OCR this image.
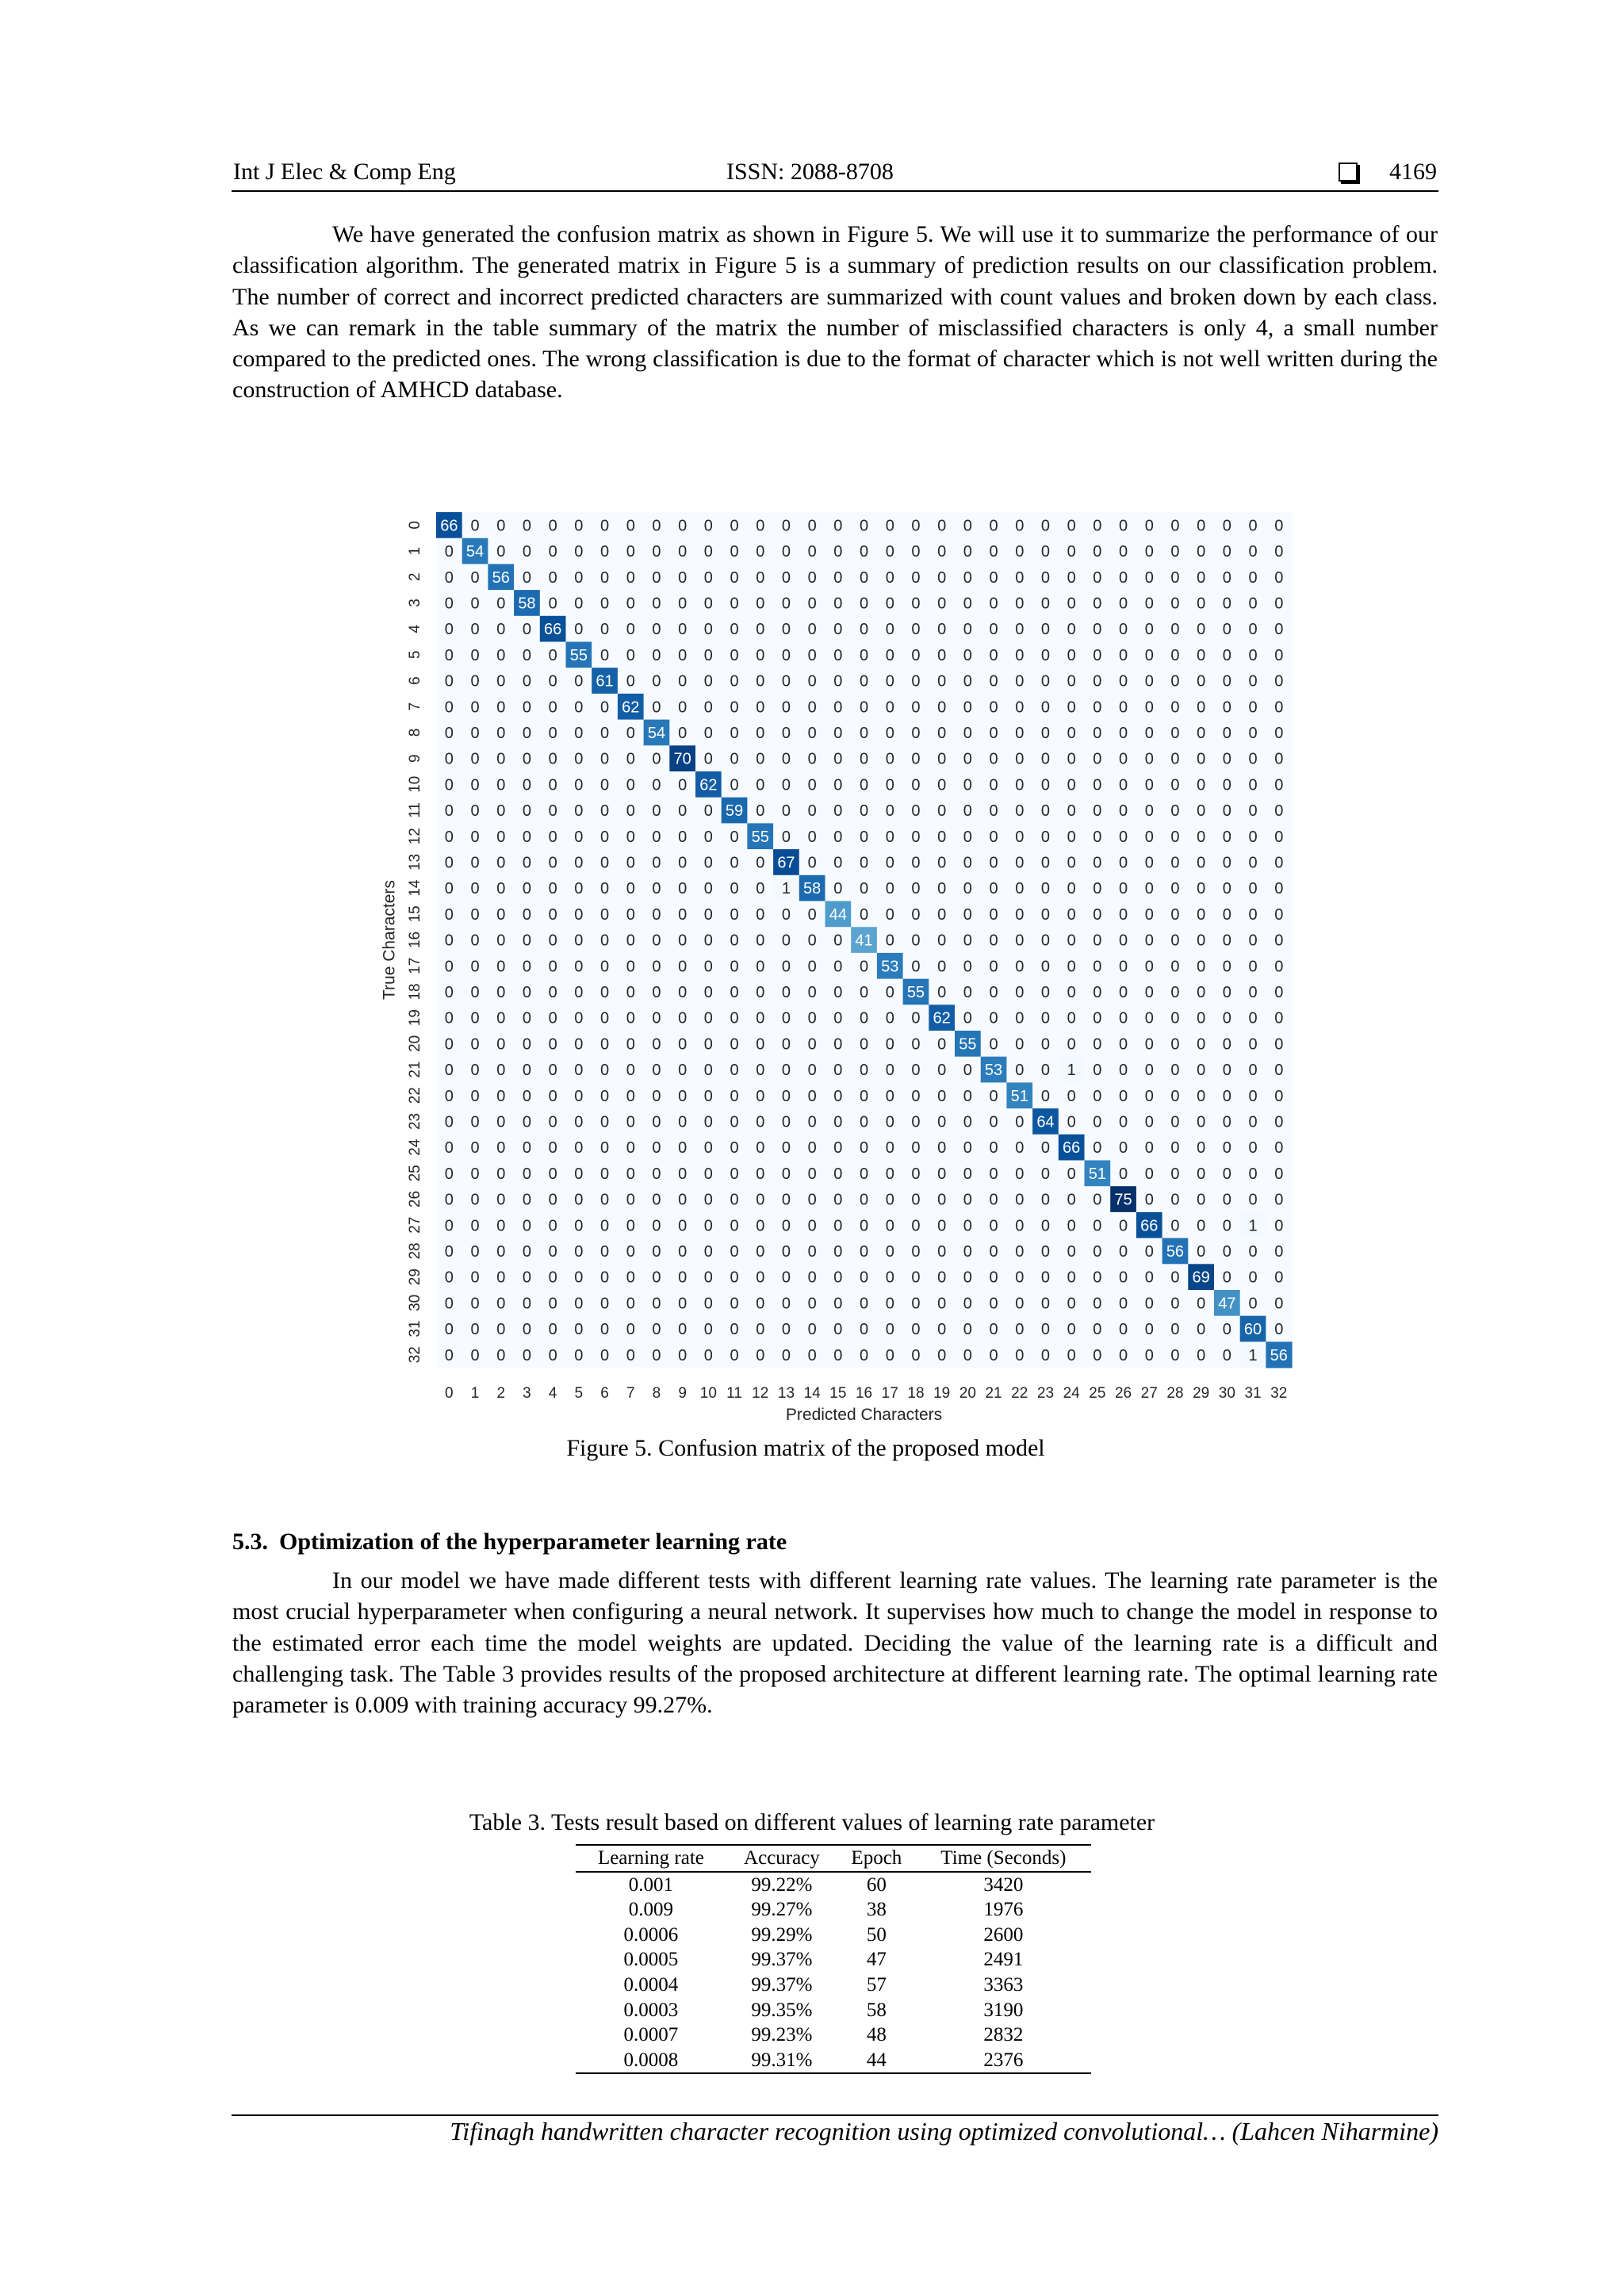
Int J Elec & Comp Eng	ISSN: 2088-8708	4169

We have generated the confusion matrix as shown in Figure 5. We will use it to summarize the performance of our classification algorithm. The generated matrix in Figure 5 is a summary of prediction results on our classification problem. The number of correct and incorrect predicted characters are summarized with count values and broken down by each class. As we can remark in the table summary of the matrix the number of misclassified characters is only 4, a small number compared to the predicted ones. The wrong classification is due to the format of character which is not well written during the construction of AMHCD database.

66 0 0 0 0 0 0 0 0 0 0 0 0 0 0 0 0 0 0 0 0 0 0 0 0 0 0 0 0 0 0 0 0
0 54 0 0 0 0 0 0 0 0 0 0 0 0 0 0 0 0 0 0 0 0 0 0 0 0 0 0 0 0 0 0 0
0 0 56 0 0 0 0 0 0 0 0 0 0 0 0 0 0 0 0 0 0 0 0 0 0 0 0 0 0 0 0 0 0
0 0 0 58 0 0 0 0 0 0 0 0 0 0 0 0 0 0 0 0 0 0 0 0 0 0 0 0 0 0 0 0 0
0 0 0 0 66 0 0 0 0 0 0 0 0 0 0 0 0 0 0 0 0 0 0 0 0 0 0 0 0 0 0 0 0
0 0 0 0 0 55 0 0 0 0 0 0 0 0 0 0 0 0 0 0 0 0 0 0 0 0 0 0 0 0 0 0 0
0 0 0 0 0 0 61 0 0 0 0 0 0 0 0 0 0 0 0 0 0 0 0 0 0 0 0 0 0 0 0 0 0
0 0 0 0 0 0 0 62 0 0 0 0 0 0 0 0 0 0 0 0 0 0 0 0 0 0 0 0 0 0 0 0 0
0 0 0 0 0 0 0 0 54 0 0 0 0 0 0 0 0 0 0 0 0 0 0 0 0 0 0 0 0 0 0 0 0
0 0 0 0 0 0 0 0 0 70 0 0 0 0 0 0 0 0 0 0 0 0 0 0 0 0 0 0 0 0 0 0 0
0 0 0 0 0 0 0 0 0 0 62 0 0 0 0 0 0 0 0 0 0 0 0 0 0 0 0 0 0 0 0 0 0
0 0 0 0 0 0 0 0 0 0 0 59 0 0 0 0 0 0 0 0 0 0 0 0 0 0 0 0 0 0 0 0 0
0 0 0 0 0 0 0 0 0 0 0 0 55 0 0 0 0 0 0 0 0 0 0 0 0 0 0 0 0 0 0 0 0
0 0 0 0 0 0 0 0 0 0 0 0 0 67 0 0 0 0 0 0 0 0 0 0 0 0 0 0 0 0 0 0 0
0 0 0 0 0 0 0 0 0 0 0 0 0 1 58 0 0 0 0 0 0 0 0 0 0 0 0 0 0 0 0 0 0
0 0 0 0 0 0 0 0 0 0 0 0 0 0 0 44 0 0 0 0 0 0 0 0 0 0 0 0 0 0 0 0 0
0 0 0 0 0 0 0 0 0 0 0 0 0 0 0 0 41 0 0 0 0 0 0 0 0 0 0 0 0 0 0 0 0
0 0 0 0 0 0 0 0 0 0 0 0 0 0 0 0 0 53 0 0 0 0 0 0 0 0 0 0 0 0 0 0 0
0 0 0 0 0 0 0 0 0 0 0 0 0 0 0 0 0 0 55 0 0 0 0 0 0 0 0 0 0 0 0 0 0
0 0 0 0 0 0 0 0 0 0 0 0 0 0 0 0 0 0 0 62 0 0 0 0 0 0 0 0 0 0 0 0 0
0 0 0 0 0 0 0 0 0 0 0 0 0 0 0 0 0 0 0 0 55 0 0 0 0 0 0 0 0 0 0 0 0
0 0 0 0 0 0 0 0 0 0 0 0 0 0 0 0 0 0 0 0 0 53 0 0 1 0 0 0 0 0 0 0 0
0 0 0 0 0 0 0 0 0 0 0 0 0 0 0 0 0 0 0 0 0 0 51 0 0 0 0 0 0 0 0 0 0
0 0 0 0 0 0 0 0 0 0 0 0 0 0 0 0 0 0 0 0 0 0 0 64 0 0 0 0 0 0 0 0 0
0 0 0 0 0 0 0 0 0 0 0 0 0 0 0 0 0 0 0 0 0 0 0 0 66 0 0 0 0 0 0 0 0
0 0 0 0 0 0 0 0 0 0 0 0 0 0 0 0 0 0 0 0 0 0 0 0 0 51 0 0 0 0 0 0 0
0 0 0 0 0 0 0 0 0 0 0 0 0 0 0 0 0 0 0 0 0 0 0 0 0 0 75 0 0 0 0 0 0
0 0 0 0 0 0 0 0 0 0 0 0 0 0 0 0 0 0 0 0 0 0 0 0 0 0 0 66 0 0 0 1 0
0 0 0 0 0 0 0 0 0 0 0 0 0 0 0 0 0 0 0 0 0 0 0 0 0 0 0 0 56 0 0 0 0
0 0 0 0 0 0 0 0 0 0 0 0 0 0 0 0 0 0 0 0 0 0 0 0 0 0 0 0 0 69 0 0 0
0 0 0 0 0 0 0 0 0 0 0 0 0 0 0 0 0 0 0 0 0 0 0 0 0 0 0 0 0 0 47 0 0
0 0 0 0 0 0 0 0 0 0 0 0 0 0 0 0 0 0 0 0 0 0 0 0 0 0 0 0 0 0 0 60 0
0 0 0 0 0 0 0 0 0 0 0 0 0 0 0 0 0 0 0 0 0 0 0 0 0 0 0 0 0 0 0 1 56
0 1 2 3 4 5 6 7 8 9 10 11 12 13 14 15 16 17 18 19 20 21 22 23 24 25 26 27 28 29 30 31 32
0
1
2
3
4
5
6
7
8
9
10
11
12
13
14
15
16
17
18
19
20
21
22
23
24
25
26
27
28
29
30
31
32
Predicted Characters
True Characters
Figure 5. Confusion matrix of the proposed model
5.3. Optimization of the hyperparameter learning rate

In our model we have made different tests with different learning rate values. The learning rate parameter is the most crucial hyperparameter when configuring a neural network. It supervises how much to change the model in response to the estimated error each time the model weights are updated. Deciding the value of the learning rate is a difficult and challenging task. The Table 3 provides results of the proposed architecture at different learning rate. The optimal learning rate parameter is 0.009 with training accuracy 99.27%.

Table 3. Tests result based on different values of learning rate parameter
Learning rate	Accuracy	Epoch	Time (Seconds)
0.001	99.22%	60	3420
0.009	99.27%	38	1976
0.0006	99.29%	50	2600
0.0005	99.37%	47	2491
0.0004	99.37%	57	3363
0.0003	99.35%	58	3190
0.0007	99.23%	48	2832
0.0008	99.31%	44	2376
Tifinagh handwritten character recognition using optimized convolutional… (Lahcen Niharmine)
